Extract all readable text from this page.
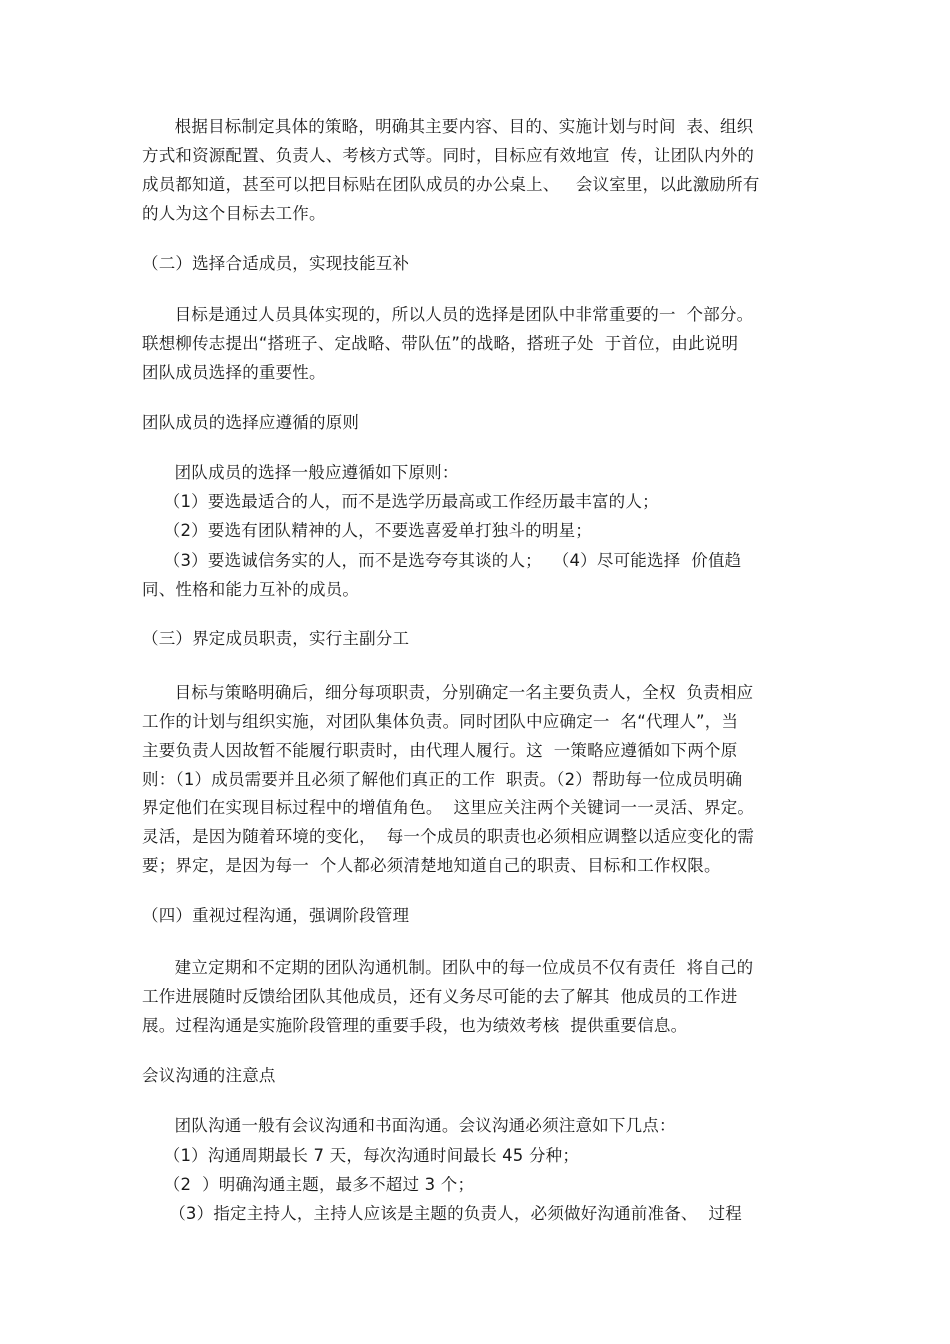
根据目标制定具体的策略，明确其主要内容、目的、实施计划与时间  表、组织
方式和资源配置、负责人、考核方式等。同时，目标应有效地宣  传，让团队内外的
成员都知道，甚至可以把目标贴在团队成员的办公桌上、   会议室里，以此激励所有
的人为这个目标去工作。
（二）选择合适成员，实现技能互补
目标是通过人员具体实现的，所以人员的选择是团队中非常重要的一  个部分。
联想柳传志提出“搭班子、定战略、带队伍”的战略，搭班子处  于首位，由此说明
团队成员选择的重要性。
团队成员的选择应遵循的原则
团队成员的选择一般应遵循如下原则：
（1）要选最适合的人，而不是选学历最高或工作经历最丰富的人；
（2）要选有团队精神的人，不要选喜爱单打独斗的明星；
（3）要选诚信务实的人，而不是选夸夸其谈的人；  （4）尽可能选择  价值趋
同、性格和能力互补的成员。
（三）界定成员职责，实行主副分工
目标与策略明确后，细分每项职责，分别确定一名主要负责人，全权  负责相应
工作的计划与组织实施，对团队集体负责。同时团队中应确定一  名“代理人”，当
主要负责人因故暂不能履行职责时，由代理人履行。这  一策略应遵循如下两个原
则：（1）成员需要并且必须了解他们真正的工作  职责。（2）帮助每一位成员明确
界定他们在实现目标过程中的增值角色。  这里应关注两个关键词一一灵活、界定。
灵活，是因为随着环境的变化，  每一个成员的职责也必须相应调整以适应变化的需
要；界定，是因为每一  个人都必须清楚地知道自己的职责、目标和工作权限。
（四）重视过程沟通，强调阶段管理
建立定期和不定期的团队沟通机制。团队中的每一位成员不仅有责任  将自己的
工作进展随时反馈给团队其他成员，还有义务尽可能的去了解其  他成员的工作进
展。过程沟通是实施阶段管理的重要手段，也为绩效考核  提供重要信息。
会议沟通的注意点
团队沟通一般有会议沟通和书面沟通。会议沟通必须注意如下几点：
（1）沟通周期最长 7 天，每次沟通时间最长 45 分种；
（2  ）明确沟通主题，最多不超过 3 个；
（3）指定主持人，主持人应该是主题的负责人，必须做好沟通前准备、  过程
